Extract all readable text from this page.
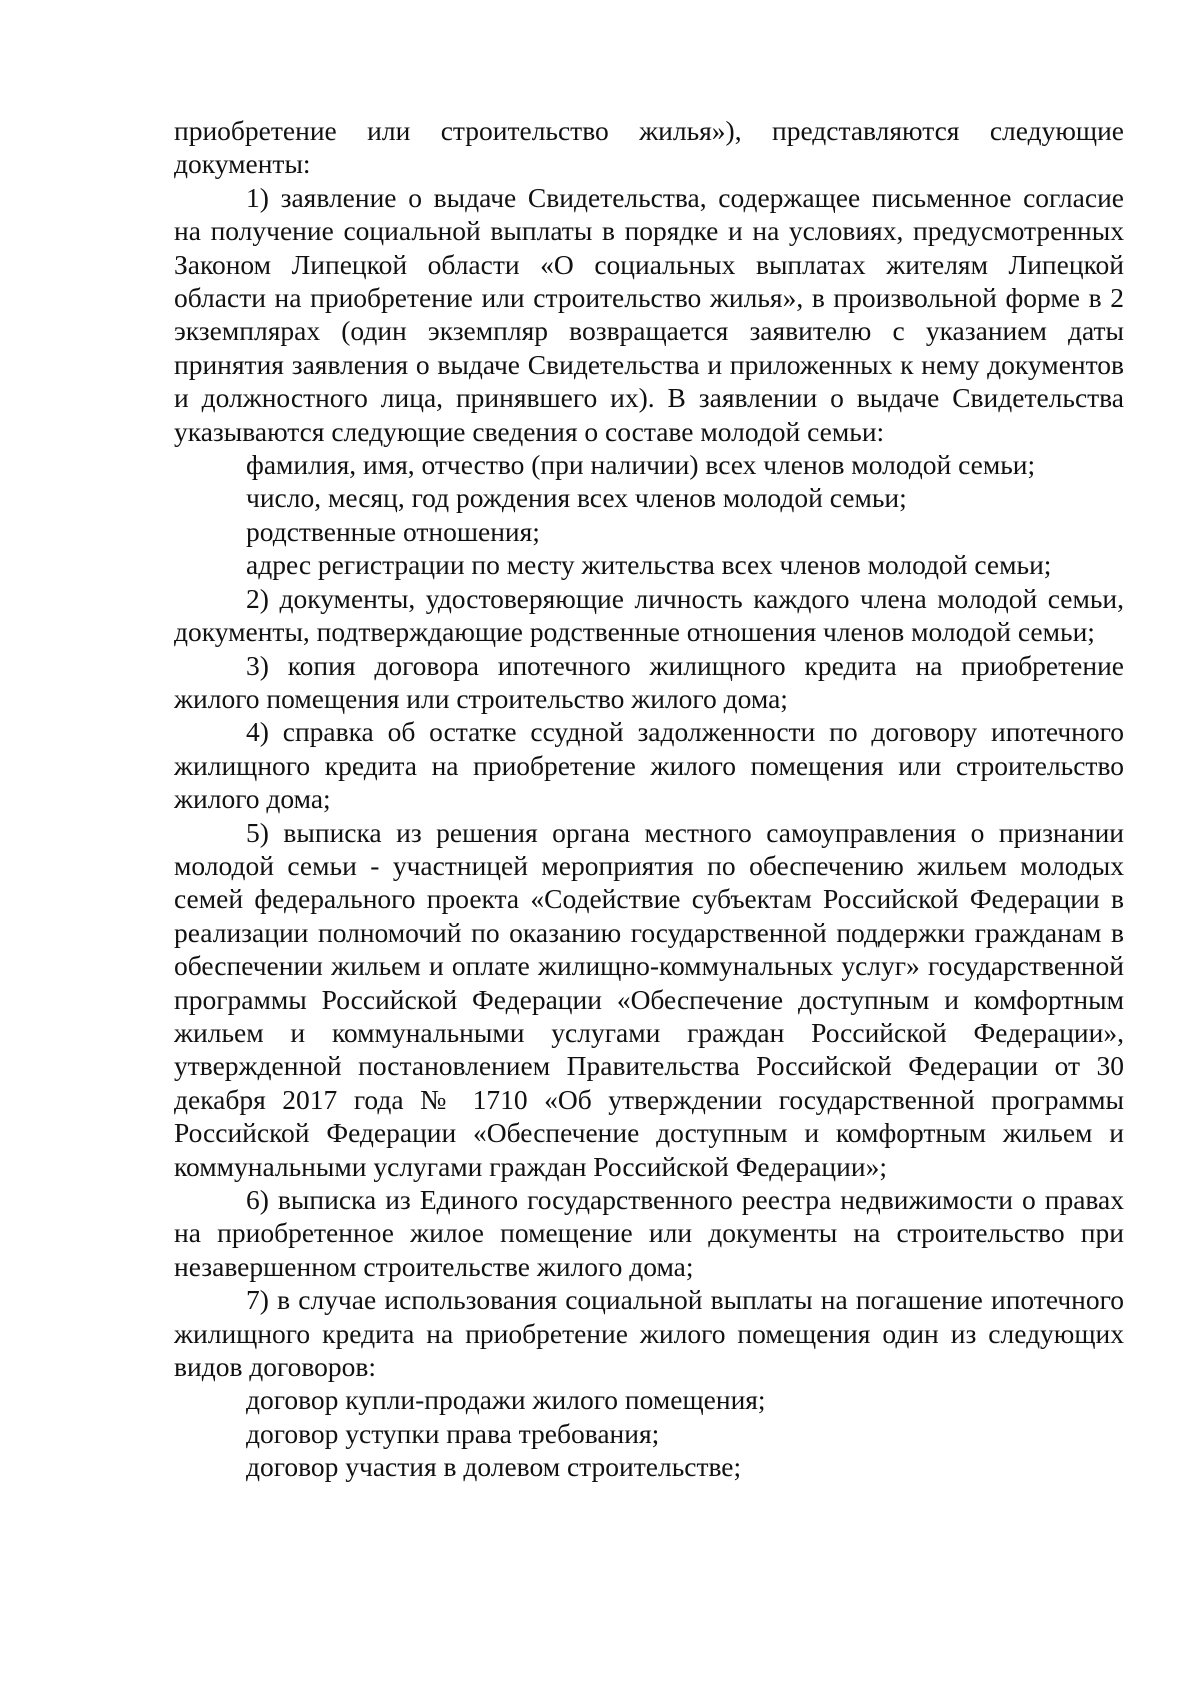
приобретение или строительство жилья»), представляются следующие документы:

1) заявление о выдаче Свидетельства, содержащее письменное согласие на получение социальной выплаты в порядке и на условиях, предусмотренных Законом Липецкой области «О социальных выплатах жителям Липецкой области на приобретение или строительство жилья», в произвольной форме в 2 экземплярах (один экземпляр возвращается заявителю с указанием даты принятия заявления о выдаче Свидетельства и приложенных к нему документов и должностного лица, принявшего их). В заявлении о выдаче Свидетельства указываются следующие сведения о составе молодой семьи:

фамилия, имя, отчество (при наличии) всех членов молодой семьи;

число, месяц, год рождения всех членов молодой семьи;

родственные отношения;

адрес регистрации по месту жительства всех членов молодой семьи;

2) документы, удостоверяющие личность каждого члена молодой семьи, документы, подтверждающие родственные отношения членов молодой семьи;

3) копия договора ипотечного жилищного кредита на приобретение жилого помещения или строительство жилого дома;

4) справка об остатке ссудной задолженности по договору ипотечного жилищного кредита на приобретение жилого помещения или строительство жилого дома;

5) выписка из решения органа местного самоуправления о признании молодой семьи - участницей мероприятия по обеспечению жильем молодых семей федерального проекта «Содействие субъектам Российской Федерации в реализации полномочий по оказанию государственной поддержки гражданам в обеспечении жильем и оплате жилищно-коммунальных услуг» государственной программы Российской Федерации «Обеспечение доступным и комфортным жильем и коммунальными услугами граждан Российской Федерации», утвержденной постановлением Правительства Российской Федерации от 30 декабря 2017 года № 1710 «Об утверждении государственной программы Российской Федерации «Обеспечение доступным и комфортным жильем и коммунальными услугами граждан Российской Федерации»;

6) выписка из Единого государственного реестра недвижимости о правах на приобретенное жилое помещение или документы на строительство при незавершенном строительстве жилого дома;

7) в случае использования социальной выплаты на погашение ипотечного жилищного кредита на приобретение жилого помещения один из следующих видов договоров:

договор купли-продажи жилого помещения;

договор уступки права требования;

договор участия в долевом строительстве;
